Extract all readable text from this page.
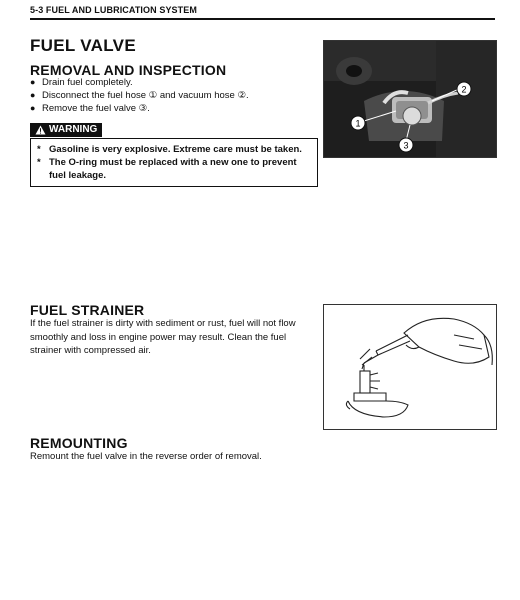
5-3 FUEL AND LUBRICATION SYSTEM
FUEL VALVE
REMOVAL AND INSPECTION
● Drain fuel completely.
● Disconnect the fuel hose ① and vacuum hose ②.
● Remove the fuel valve ③.
WARNING
* Gasoline is very explosive. Extreme care must be taken.
* The O-ring must be replaced with a new one to prevent fuel leakage.
1
2
3
FUEL STRAINER

If the fuel strainer is dirty with sediment or rust, fuel will not flow smoothly and loss in engine power may result. Clean the fuel strainer with compressed air.

REMOUNTING

Remount the fuel valve in the reverse order of removal.
